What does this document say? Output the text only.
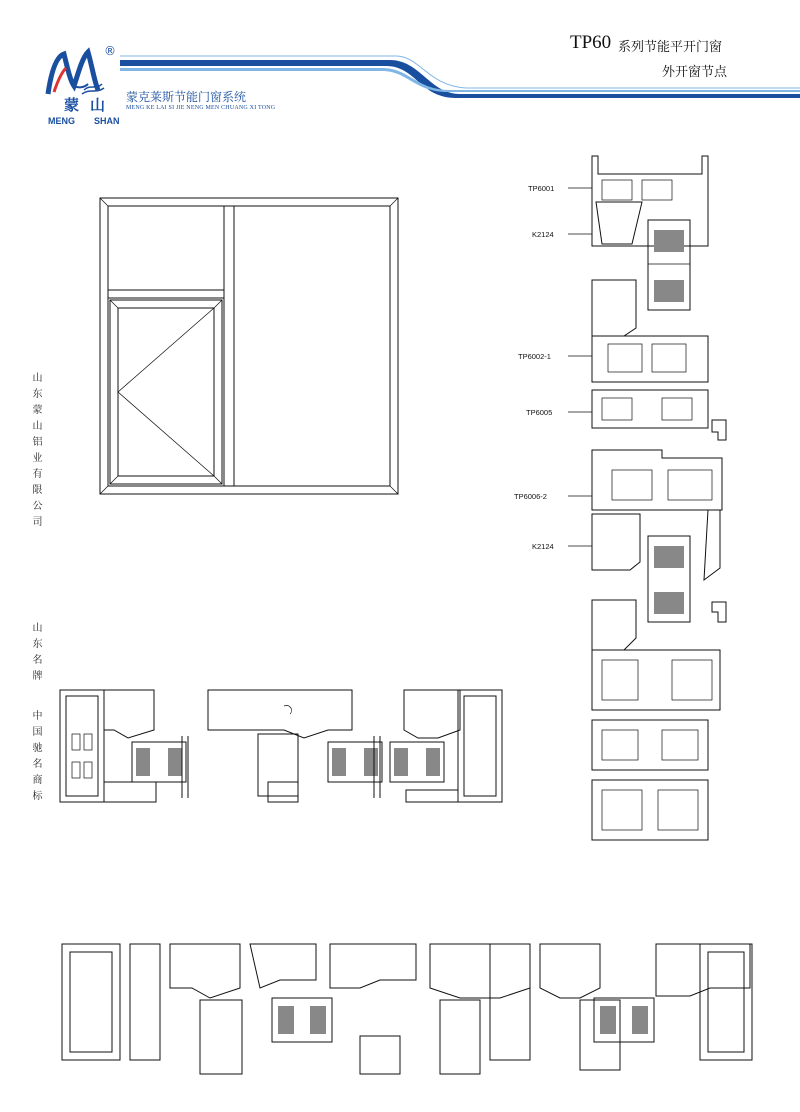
®
蒙 山
MENG SHAN
蒙克莱斯节能门窗系统
MENG KE LAI SI JIE NENG MEN CHUANG XI TONG
TP60 系列节能平开门窗
外开窗节点
山东蒙山铝业有限公司
山东名牌
中国驰名商标
TP6001
K2124
TP6002-1
TP6005
TP6006-2
K2124
